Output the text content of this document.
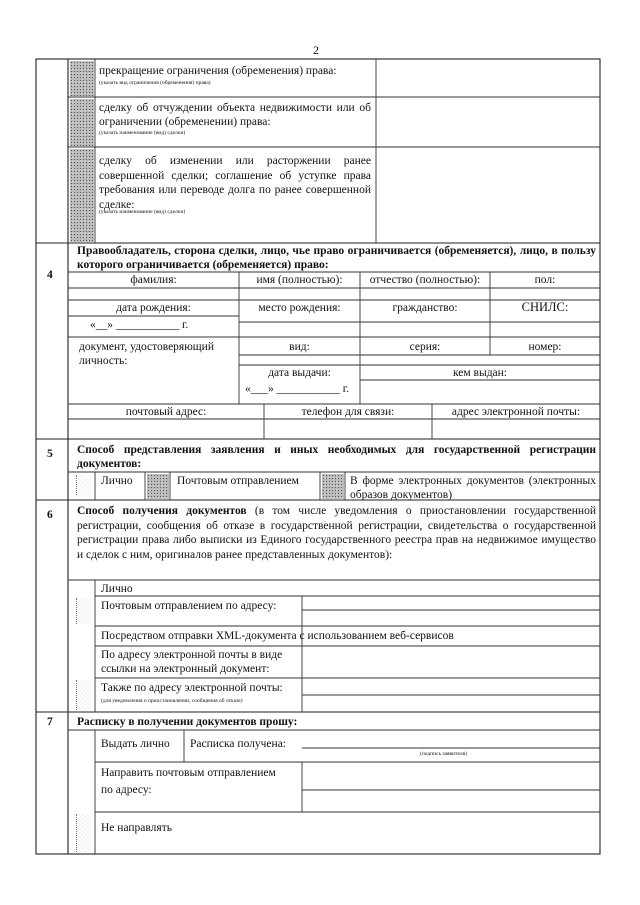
2
прекращение ограничения (обременения) права:
(указать вид ограничения (обременения) права)
сделку об отчуждении объекта недвижимости или об ограничении (обременении) права:
(указать наименование (вид) сделки)
сделку об изменении или расторжении ранее совершенной сделки; соглашение об уступке права требования или переводе долга по ранее совершенной сделке:
(указать наименование (вид) сделки)
4
Правообладатель, сторона сделки, лицо, чье право ограничивается (обременяется), лицо, в пользу которого ограничивается (обременяется) право:
фамилия:	имя (полностью):	отчество (полностью):	пол:
дата рождения:	место рождения:	гражданство:	СНИЛС:
«__» ___________ г.
документ, удостоверяющий личность:
вид:	серия:	номер:
дата выдачи:	кем выдан:
«___» ___________ г.
почтовый адрес:	телефон для связи:	адрес электронной почты:
5 Способ представления заявления и иных необходимых для государственной регистрации документов:
Лично	Почтовым отправлением	В форме электронных документов (электронных образов документов)
6 Способ получения документов (в том числе уведомления о приостановлении государственной регистрации, сообщения об отказе в государственной регистрации, свидетельства о государственной регистрации права либо выписки из Единого государственного реестра прав на недвижимое имущество и сделок с ним, оригиналов ранее представленных документов):
Лично
Почтовым отправлением по адресу:
Посредством отправки XML-документа с использованием веб-сервисов
По адресу электронной почты в виде ссылки на электронный документ:
Также по адресу электронной почты:
(для уведомления о приостановлении, сообщения об отказе)
7 Расписку в получении документов прошу:
Выдать лично Расписка получена:
(подпись заявителя)
Направить почтовым отправлением
по адресу:
Не направлять
